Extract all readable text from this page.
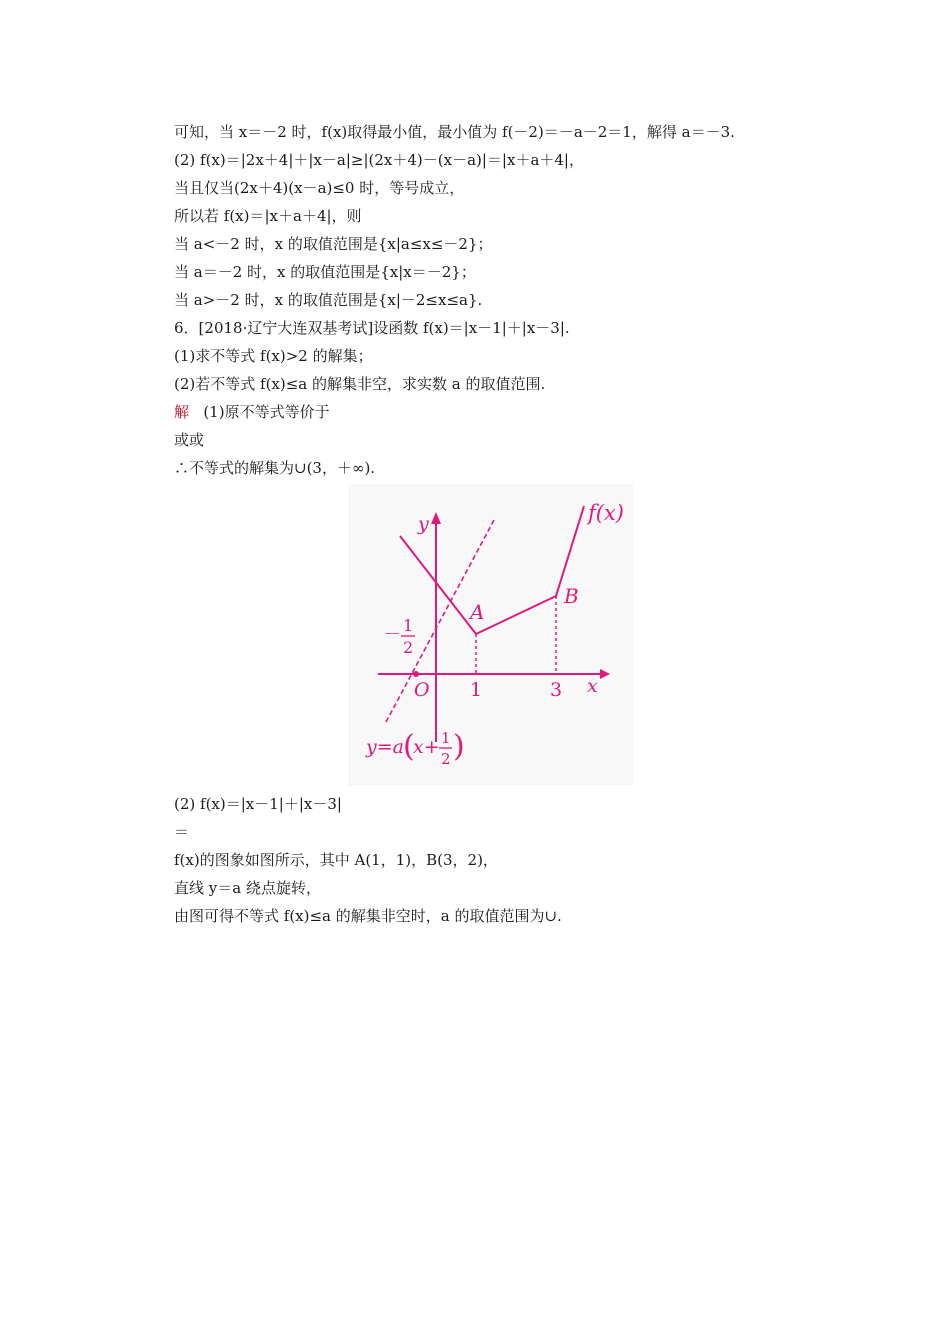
可知，当 x＝－2 时，f(x)取得最小值，最小值为 f(－2)＝－a－2＝1，解得 a＝－3.
(2) f(x)＝|2x＋4|＋|x－a|≥|(2x＋4)－(x－a)|＝|x＋a＋4|，
当且仅当(2x＋4)(x－a)≤0 时，等号成立，
所以若 f(x)＝|x＋a＋4|，则
当 a<－2 时，x 的取值范围是{x|a≤x≤－2}；
当 a＝－2 时，x 的取值范围是{x|x＝－2}；
当 a>－2 时，x 的取值范围是{x|－2≤x≤a}.
6．[2018·辽宁大连双基考试]设函数 f(x)＝|x－1|＋|x－3|.
(1)求不等式 f(x)>2 的解集；
(2)若不等式 f(x)≤a 的解集非空，求实数 a 的取值范围.
解   (1)原不等式等价于
或或
∴不等式的解集为∪(3，＋∞).
f(x)
y
x
O 1	3
A
B
－ 1
2
y=a (
x+ 1
2 )
(2) f(x)＝|x－1|＋|x－3|
＝
f(x)的图象如图所示，其中 A(1，1)，B(3，2)，
直线 y＝a 绕点旋转，
由图可得不等式 f(x)≤a 的解集非空时，a 的取值范围为∪.
